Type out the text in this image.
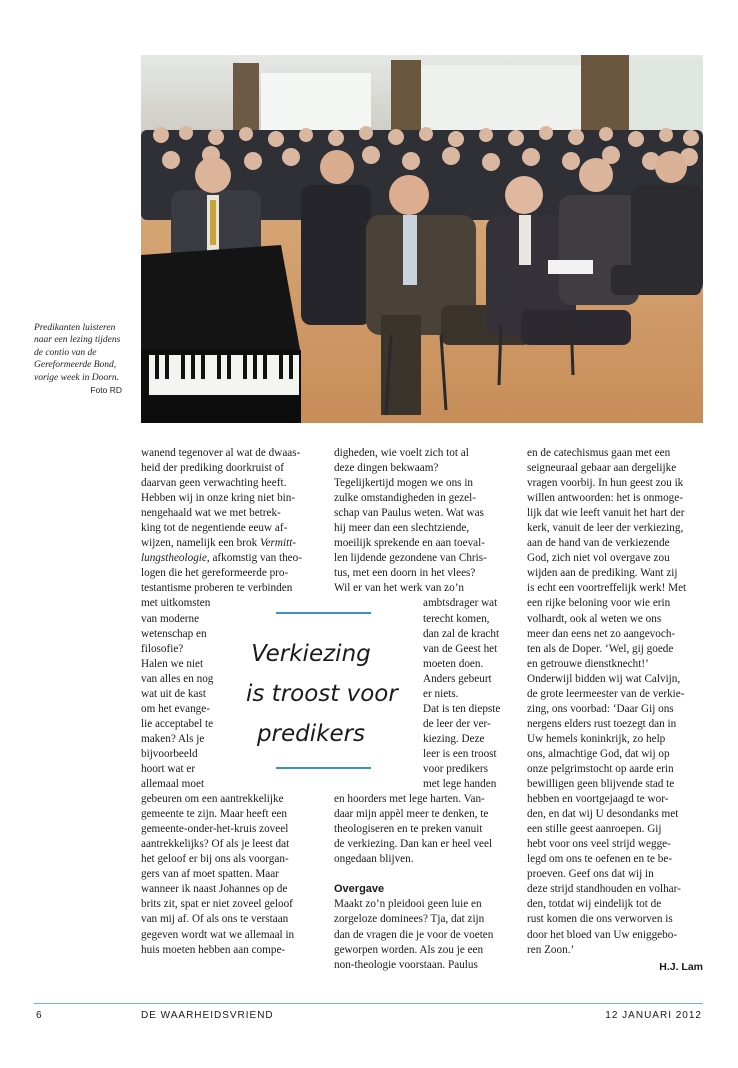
Predikanten luisteren
naar een lezing tijdens
de contio van de
Gereformeerde Bond,
vorige week in Doorn.
Foto RD
wanend tegenover al wat de dwaas-
heid der prediking doorkruist of
daarvan geen verwachting heeft.
Hebben wij in onze kring niet bin-
nengehaald wat we met betrek-
king tot de negentiende eeuw af-
wijzen, namelijk een brok Vermitt-
lungstheologie, afkomstig van theo-
logen die het gereformeerde pro-
testantisme proberen te verbinden
met uitkomsten
van moderne
wetenschap en
filosofie?
Halen we niet
van alles en nog
wat uit de kast
om het evange-
lie acceptabel te
maken? Als je
bijvoorbeeld
hoort wat er
allemaal moet
gebeuren om een aantrekkelijke
gemeente te zijn. Maar heeft een
gemeente-onder-het-kruis zoveel
aantrekkelijks? Of als je leest dat
het geloof er bij ons als voorgan-
gers van af moet spatten. Maar
wanneer ik naast Johannes op de
brits zit, spat er niet zoveel geloof
van mij af. Of als ons te verstaan
gegeven wordt wat we allemaal in
huis moeten hebben aan compe-
digheden, wie voelt zich tot al
deze dingen bekwaam?
Tegelijkertijd mogen we ons in
zulke omstandigheden in gezel-
schap van Paulus weten. Wat was
hij meer dan een slechtziende,
moeilijk sprekende en aan toeval-
len lijdende gezondene van Chris-
tus, met een doorn in het vlees?
Wil er van het werk van zo’n
ambtsdrager wat
terecht komen,
dan zal de kracht
van de Geest het
moeten doen.
Anders gebeurt
er niets.
Dat is ten diepste
de leer der ver-
kiezing. Deze
leer is een troost
voor predikers
met lege handen
en hoorders met lege harten. Van-
daar mijn appèl meer te denken, te
theologiseren en te preken vanuit
de verkiezing. Dan kan er heel veel
ongedaan blijven.

Overgave
Maakt zo’n pleidooi geen luie en
zorgeloze dominees? Tja, dat zijn
dan de vragen die je voor de voeten
geworpen worden. Als zou je een
non-theologie voorstaan. Paulus
Verkiezing
is troost voor
predikers
en de catechismus gaan met een
seigneuraal gebaar aan dergelijke
vragen voorbij. In hun geest zou ik
willen antwoorden: het is onmoge-
lijk dat wie leeft vanuit het hart der
kerk, vanuit de leer der verkiezing,
aan de hand van de verkiezende
God, zich niet vol overgave zou
wijden aan de prediking. Want zij
is echt een voortreffelijk werk! Met
een rijke beloning voor wie erin
volhardt, ook al weten we ons
meer dan eens net zo aangevoch-
ten als de Doper. ‘Wel, gij goede
en getrouwe dienstknecht!’
Onderwijl bidden wij wat Calvijn,
de grote leermeester van de verkie-
zing, ons voorbad: ‘Daar Gij ons
nergens elders rust toezegt dan in
Uw hemels koninkrijk, zo help
ons, almachtige God, dat wij op
onze pelgrimstocht op aarde erin
bewilligen geen blijvende stad te
hebben en voortgejaagd te wor-
den, en dat wij U desondanks met
een stille geest aanroepen. Gij
hebt voor ons veel strijd wegge-
legd om ons te oefenen en te be-
proeven. Geef ons dat wij in
deze strijd standhouden en volhar-
den, totdat wij eindelijk tot de
rust komen die ons verworven is
door het bloed van Uw eniggebo-
ren Zoon.’
H.J. Lam
6	DE WAARHEIDSVRIEND	12 JANUARI 2012
